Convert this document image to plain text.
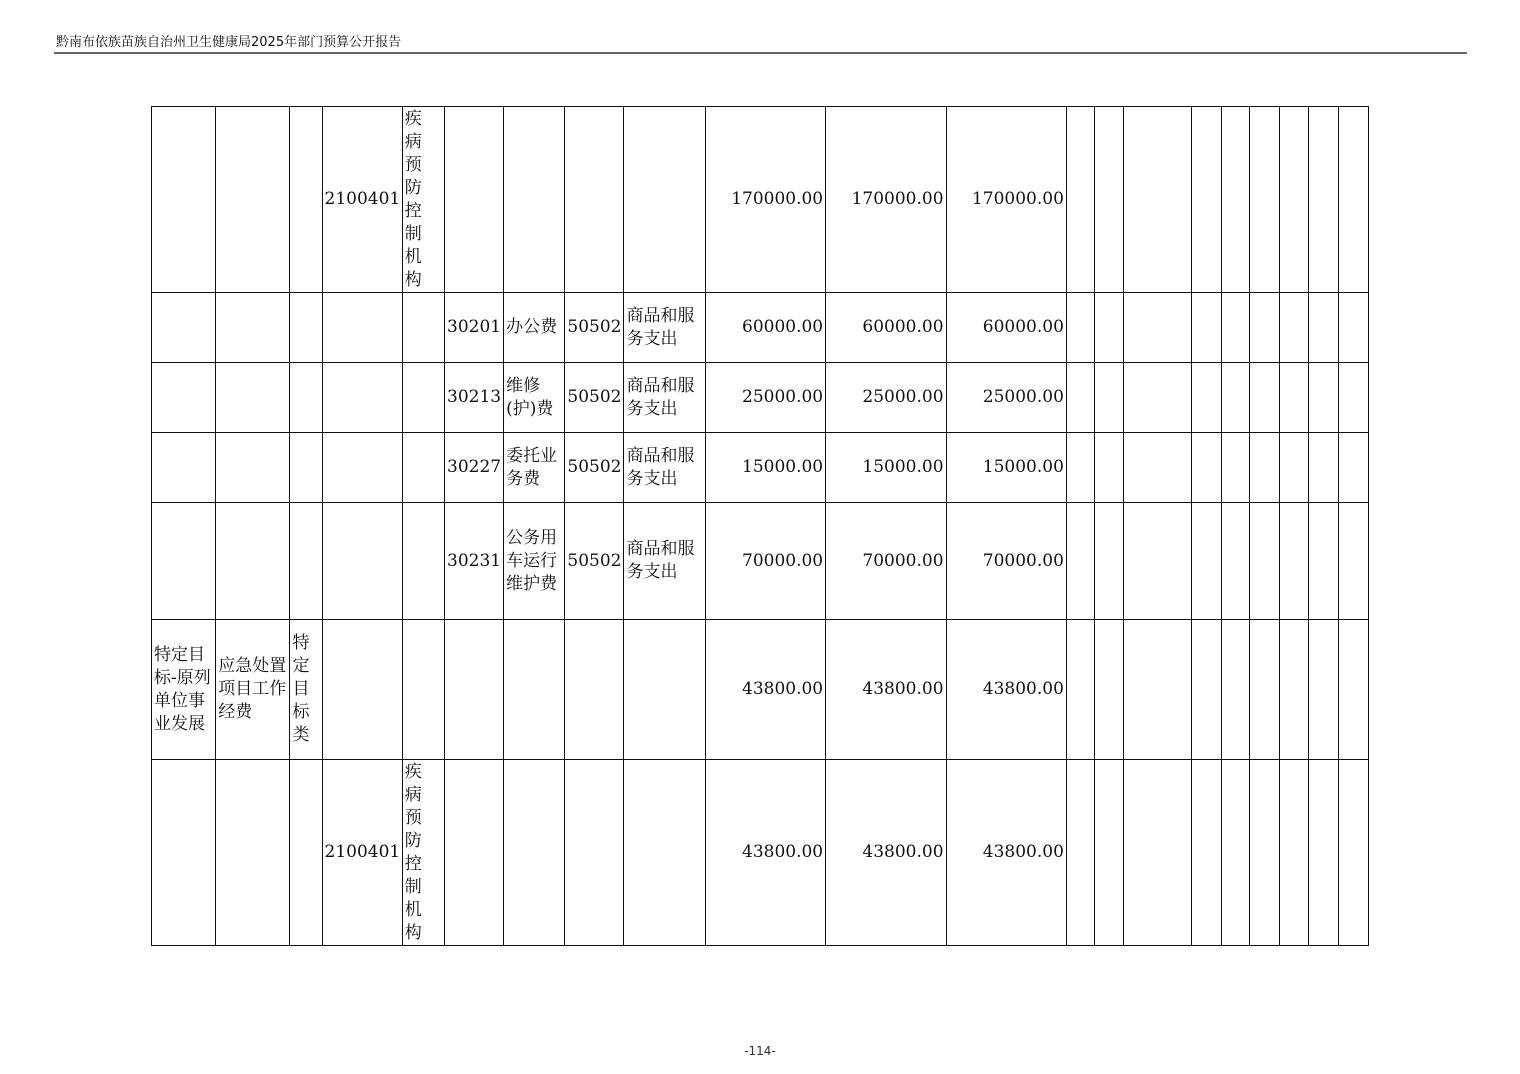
黔南布依族苗族自治州卫生健康局2025年部门预算公开报告
			2100401	疾病预防控制机构					170000.00	170000.00	170000.00									
					30201	办公费	50502	商品和服务支出	60000.00	60000.00	60000.00									
					30213	维修(护)费	50502	商品和服务支出	25000.00	25000.00	25000.00									
					30227	委托业务费	50502	商品和服务支出	15000.00	15000.00	15000.00									
					30231	公务用车运行维护费	50502	商品和服务支出	70000.00	70000.00	70000.00									
特定目标-原列单位事业发展	应急处置项目工作经费	特定目标类							43800.00	43800.00	43800.00									
			2100401	疾病预防控制机构					43800.00	43800.00	43800.00									
-114-
